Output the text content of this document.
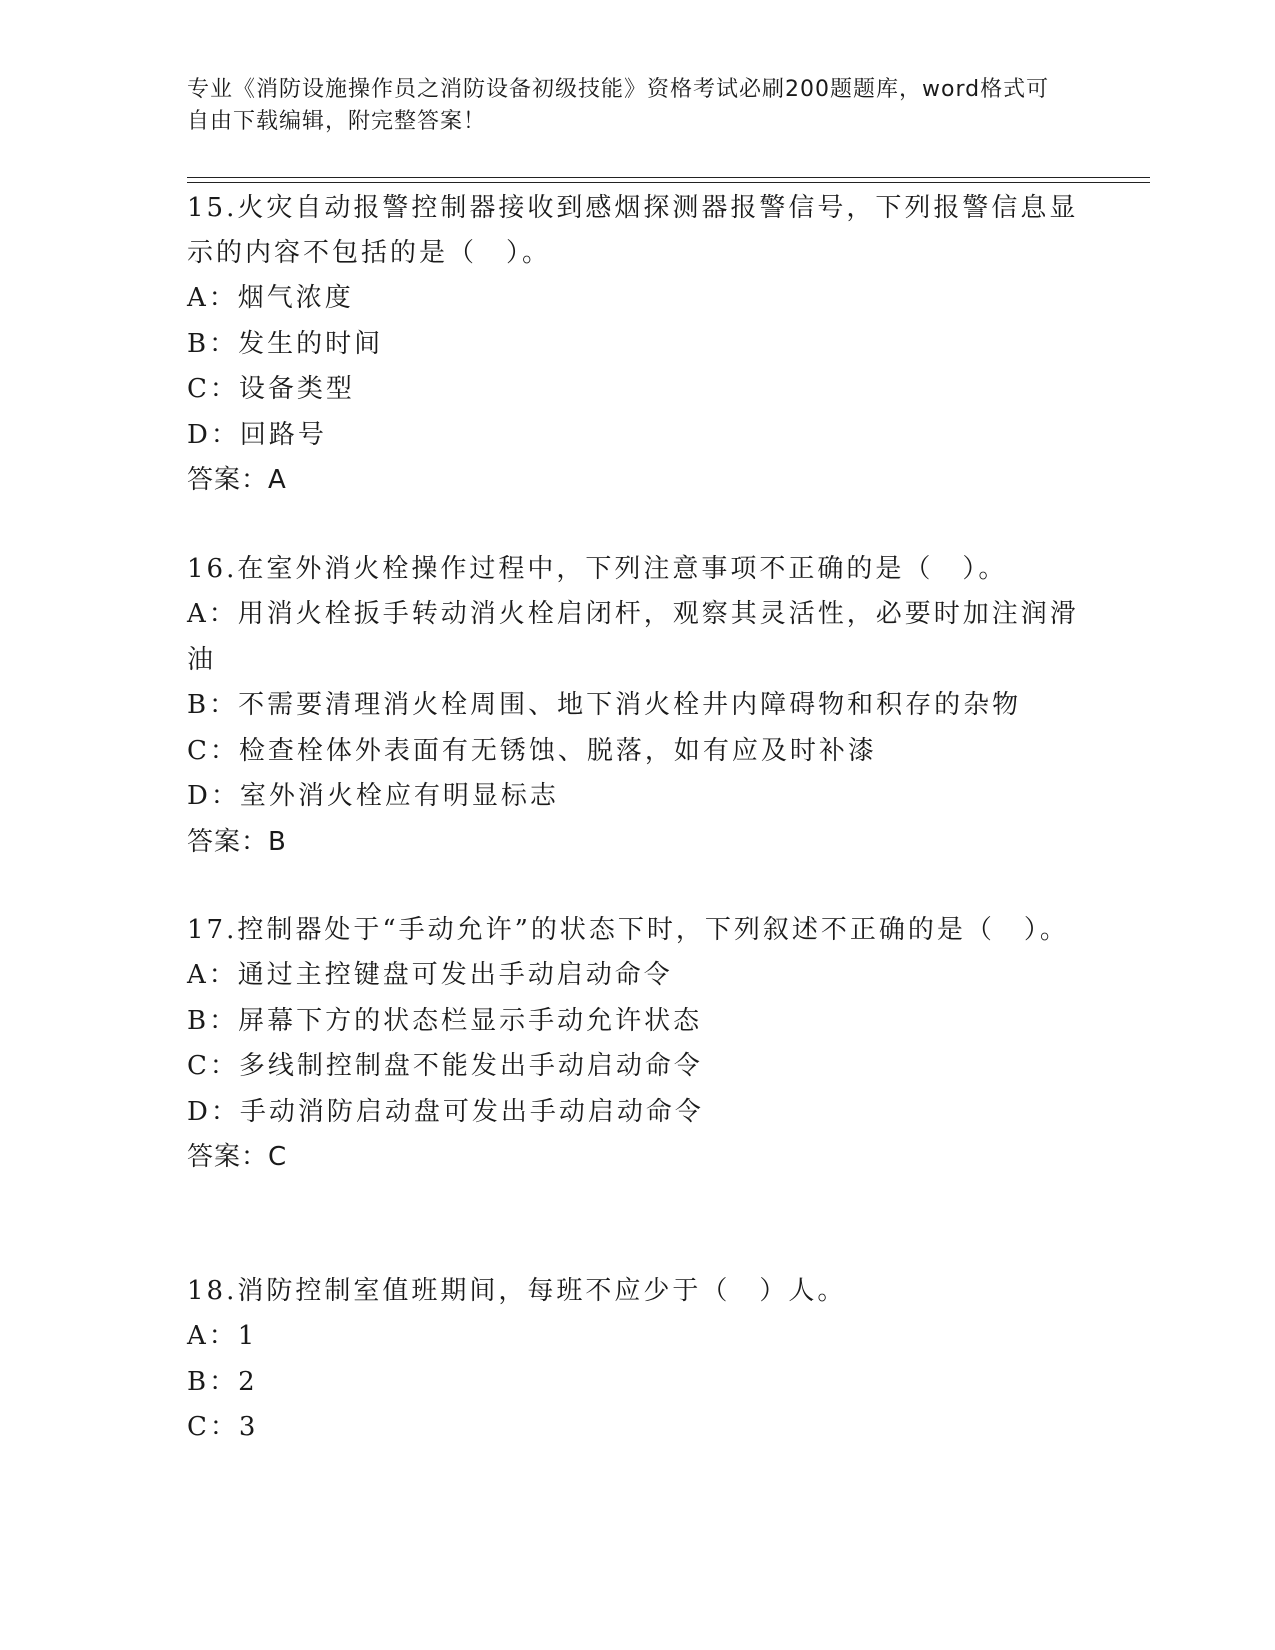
专业《消防设施操作员之消防设备初级技能》资格考试必刷200题题库，word格式可自由下载编辑，附完整答案！

15.火灾自动报警控制器接收到感烟探测器报警信号，下列报警信息显示的内容不包括的是（　）。

A：烟气浓度

B：发生的时间

C：设备类型

D：回路号

答案：A

16.在室外消火栓操作过程中，下列注意事项不正确的是（　）。

A：用消火栓扳手转动消火栓启闭杆，观察其灵活性，必要时加注润滑油

B：不需要清理消火栓周围、地下消火栓井内障碍物和积存的杂物

C：检查栓体外表面有无锈蚀、脱落，如有应及时补漆

D：室外消火栓应有明显标志

答案：B

17.控制器处于“手动允许”的状态下时，下列叙述不正确的是（　）。

A：通过主控键盘可发出手动启动命令

B：屏幕下方的状态栏显示手动允许状态

C：多线制控制盘不能发出手动启动命令

D：手动消防启动盘可发出手动启动命令

答案：C

18.消防控制室值班期间，每班不应少于（　）人。

A：1

B：2

C：3
